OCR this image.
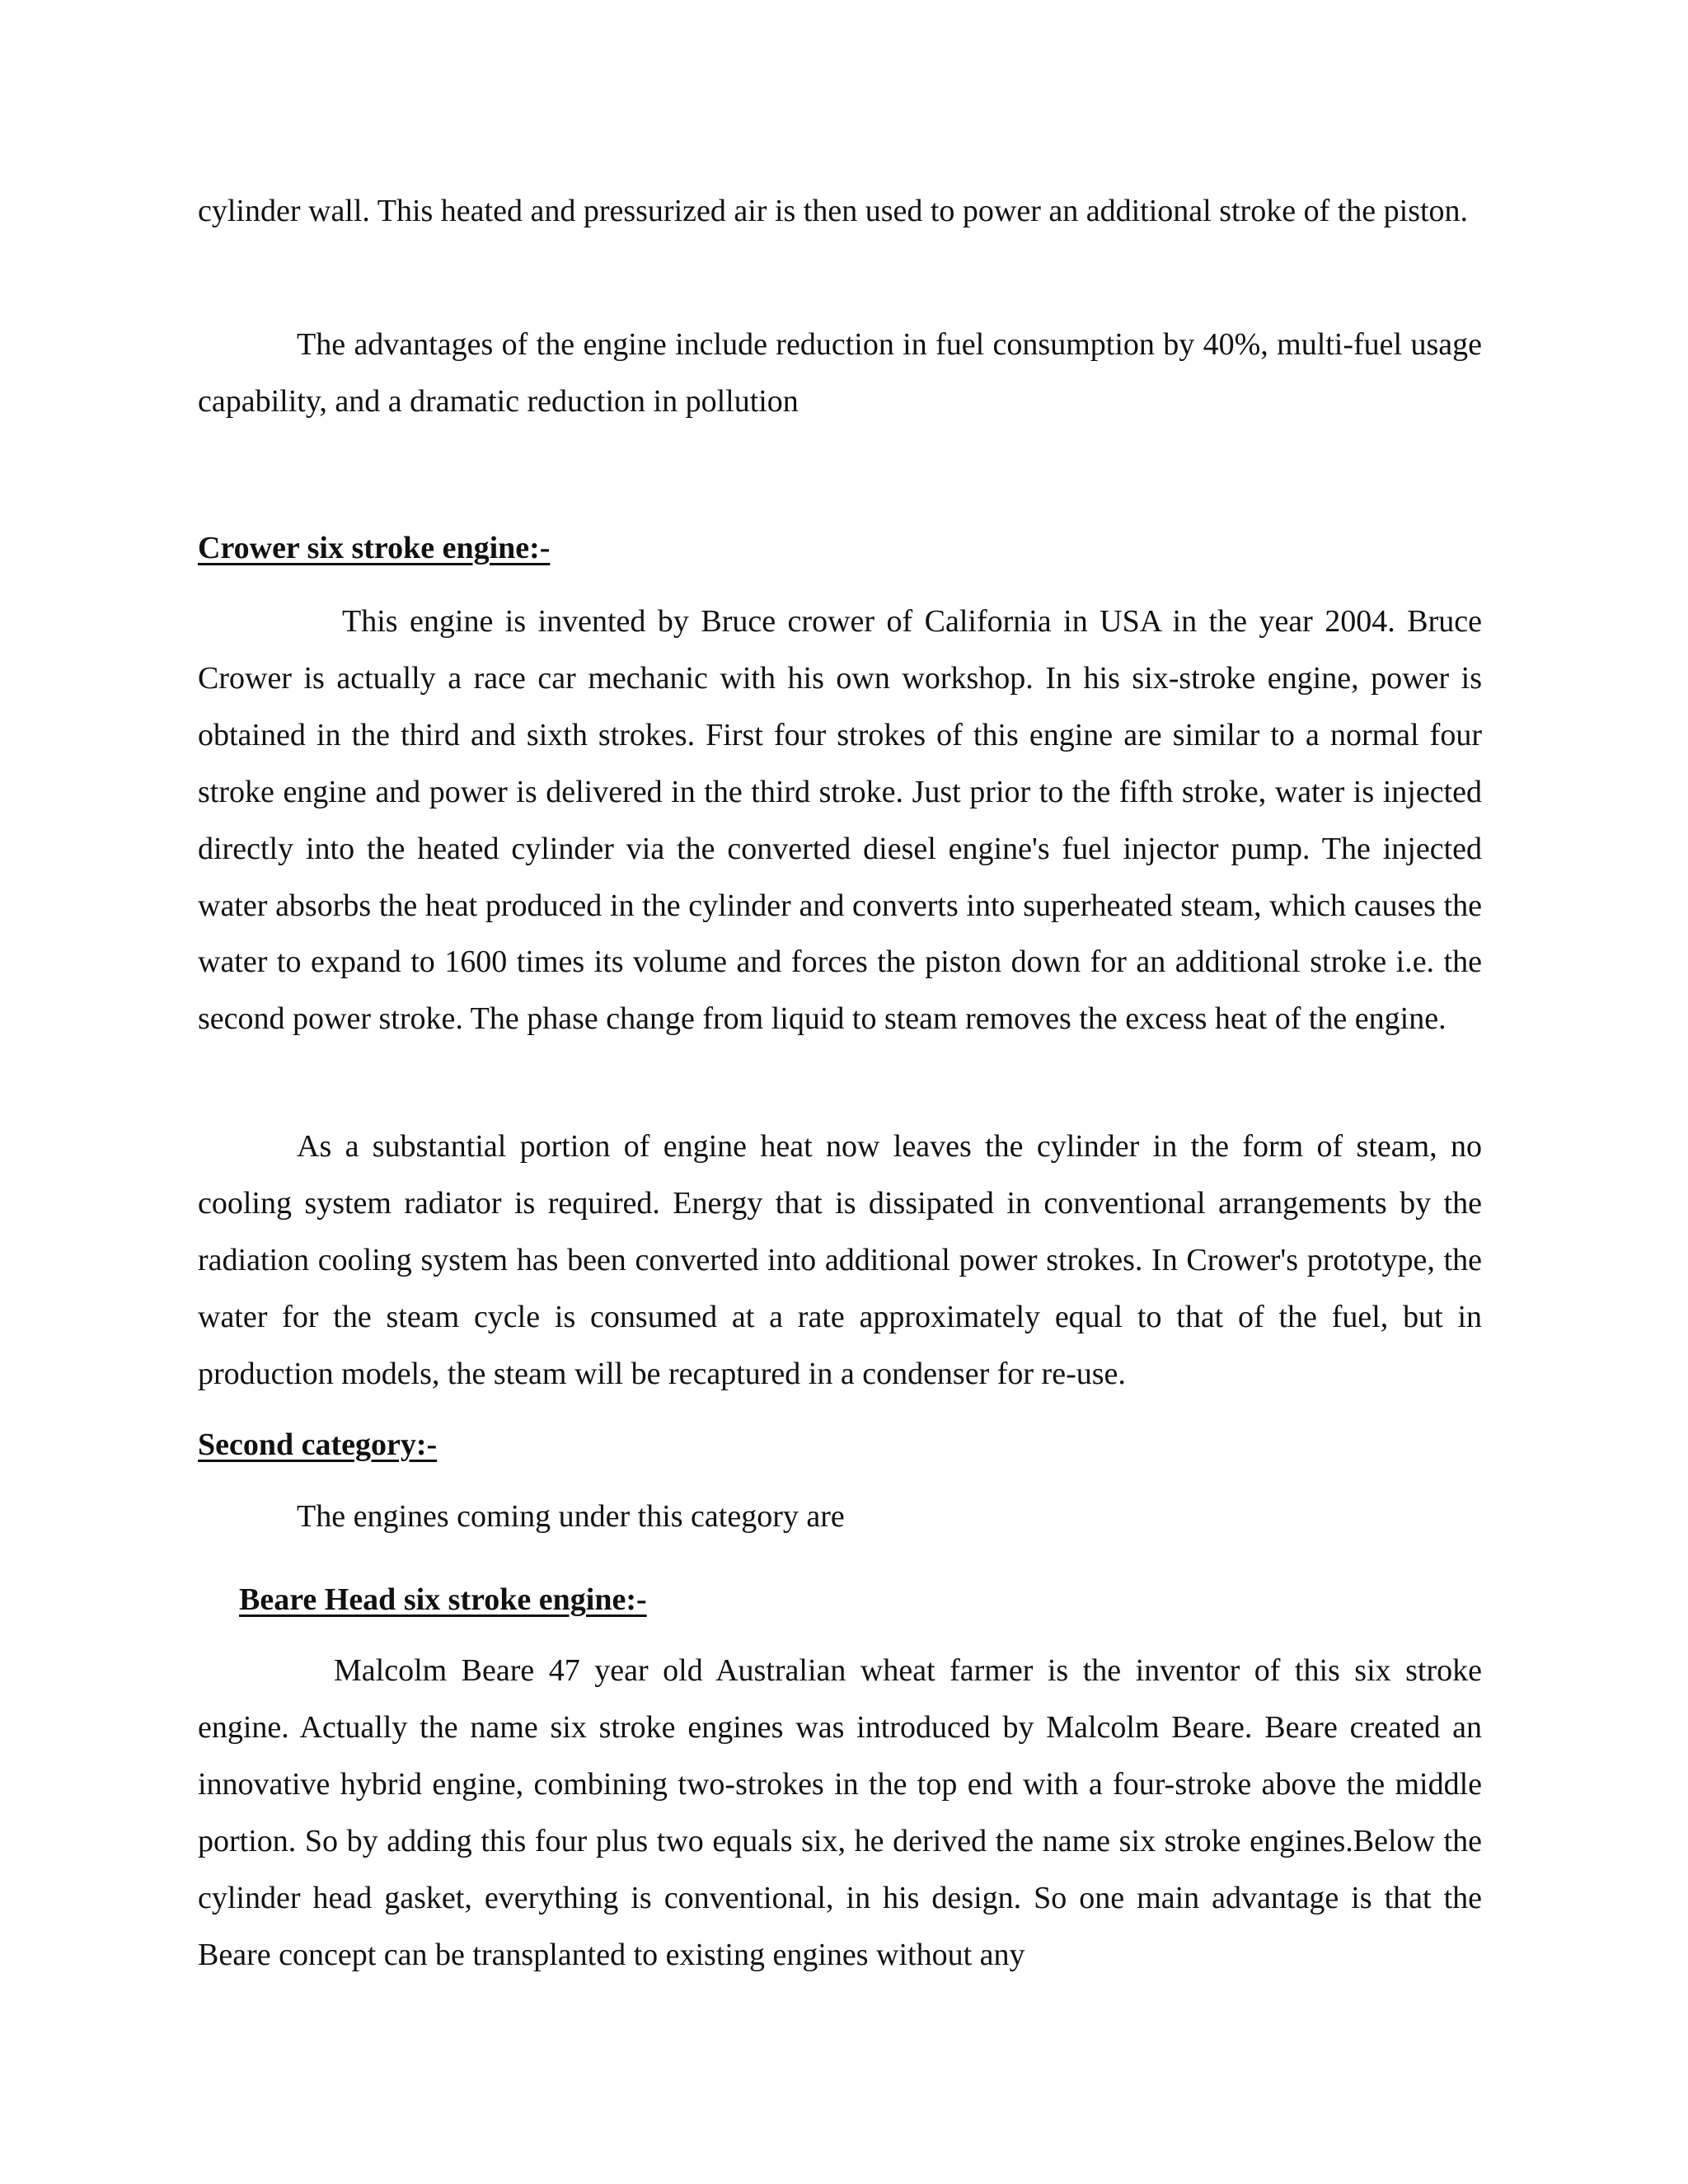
cylinder wall. This heated and pressurized air is then used to power an additional stroke of the piston.

The advantages of the engine include reduction in fuel consumption by 40%, multi-fuel usage capability, and a dramatic reduction in pollution

Crower six stroke engine:-

This engine is invented by Bruce crower of California in USA in the year 2004. Bruce Crower is actually a race car mechanic with his own workshop. In his six-stroke engine, power is obtained in the third and sixth strokes. First four strokes of this engine are similar to a normal four stroke engine and power is delivered in the third stroke. Just prior to the fifth stroke, water is injected directly into the heated cylinder via the converted diesel engine's fuel injector pump. The injected water absorbs the heat produced in the cylinder and converts into superheated steam, which causes the water to expand to 1600 times its volume and forces the piston down for an additional stroke i.e. the second power stroke. The phase change from liquid to steam removes the excess heat of the engine.

As a substantial portion of engine heat now leaves the cylinder in the form of steam, no cooling system radiator is required. Energy that is dissipated in conventional arrangements by the radiation cooling system has been converted into additional power strokes. In Crower's prototype, the water for the steam cycle is consumed at a rate approximately equal to that of the fuel, but in production models, the steam will be recaptured in a condenser for re-use.

Second category:-

The engines coming under this category are

Beare Head six stroke engine:-

Malcolm Beare 47 year old Australian wheat farmer is the inventor of this six stroke engine. Actually the name six stroke engines was introduced by Malcolm Beare. Beare created an innovative hybrid engine, combining two-strokes in the top end with a four-stroke above the middle portion. So by adding this four plus two equals six, he derived the name six stroke engines.Below the cylinder head gasket, everything is conventional, in his design. So one main advantage is that the Beare concept can be transplanted to existing engines without any
